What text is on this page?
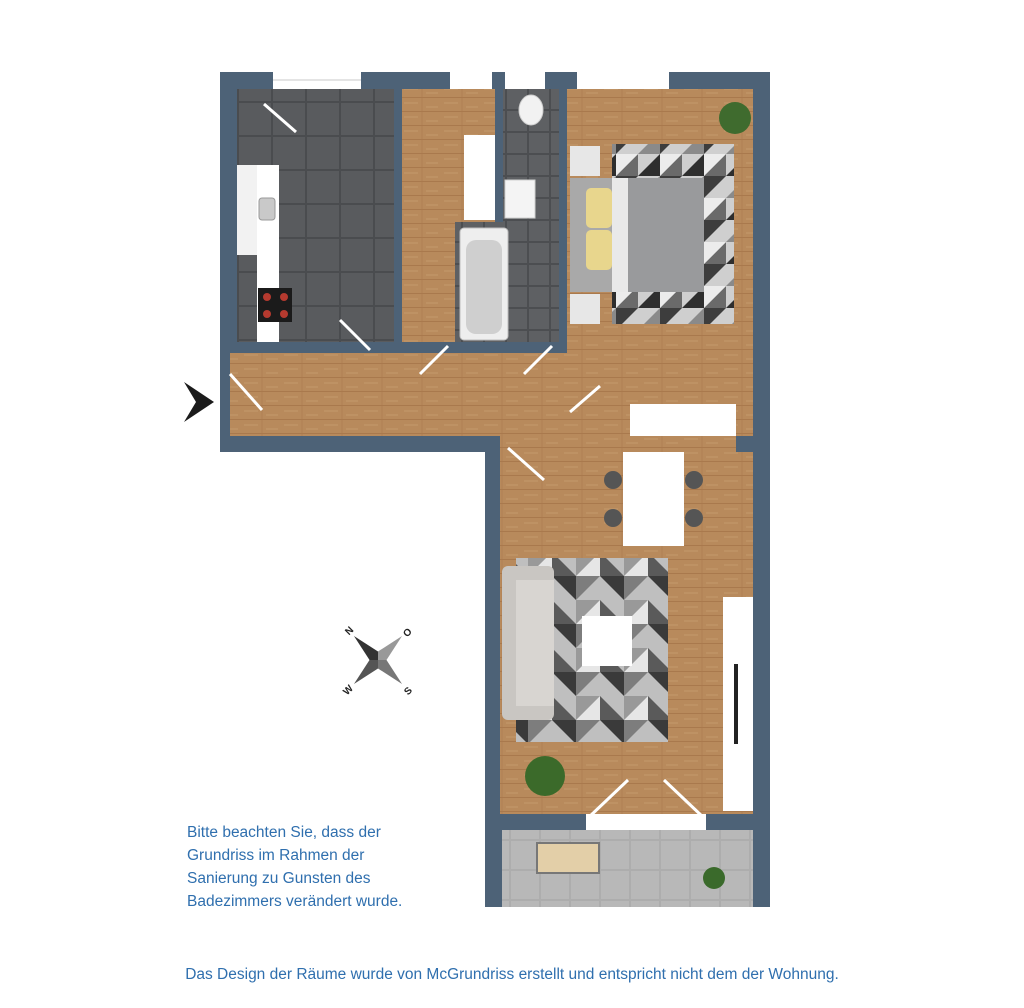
N	O
S
W
Bitte beachten Sie, dass der
Grundriss im Rahmen der
Sanierung zu Gunsten des
Badezimmers verändert wurde.
Das Design der Räume wurde von McGrundriss erstellt und entspricht nicht dem der Wohnung.
